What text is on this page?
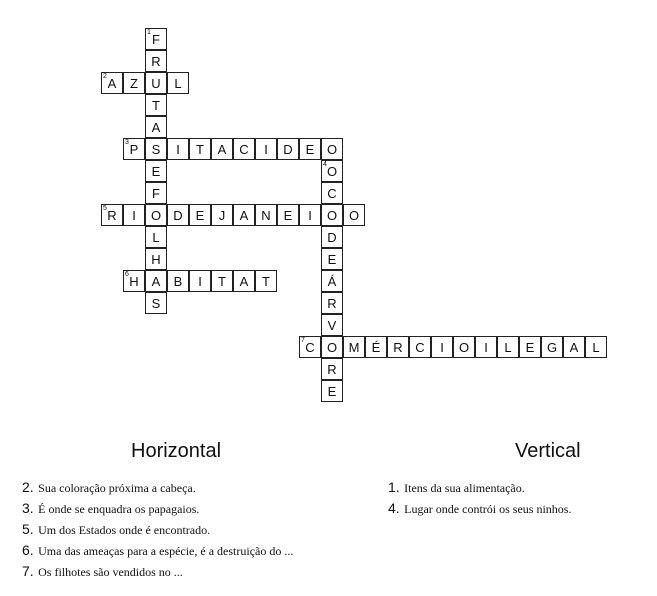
1 F
R
U
T
A
S
E
F
O
L
H
A
S
2 A	Z	L
3 P	I	T	A C	I	D E O
4 O
C
O
D
E
Á
R
V
O
R
E
5 R	I	D E	J	A N E	I	O
6 H	B	I	T	A	T
7 C	M É R C	I	O	I	L	E G A	L
Horizontal	Vertical
2. Sua coloração próxima a cabeça.
3. É onde se enquadra os papagaios.
5. Um dos Estados onde é encontrado.
6. Uma das ameaças para a espécie, é a destruição do ...
7. Os filhotes são vendidos no ...
1. Itens da sua alimentação.
4. Lugar onde contrói os seus ninhos.
